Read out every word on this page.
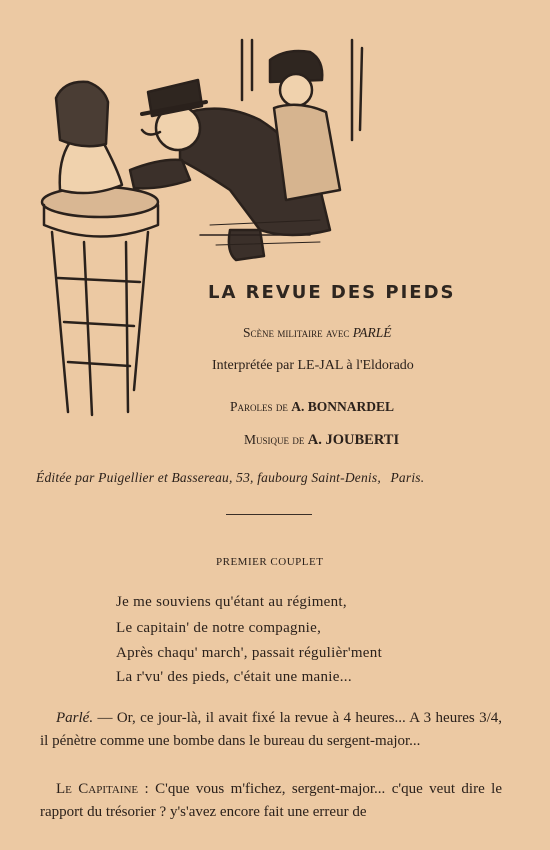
LA REVUE DES PIEDS
Scène militaire avec PARLÉ
Interprétée par LE-JAL à l'Eldorado
Paroles de A. BONNARDEL
Musique de A. JOUBERTI
Éditée par Puigellier et Bassereau, 53, faubourg Saint-Denis, Paris.
PREMIER COUPLET
Je me souviens qu'étant au régiment,
Le capitain' de notre compagnie,
Après chaqu' march', passait régulièr'ment
La r'vu' des pieds, c'était une manie...
Parlé. — Or, ce jour-là, il avait fixé la revue à 4 heures... A 3 heures 3/4, il pénètre comme une bombe dans le bureau du sergent-major...
Le Capitaine : C'que vous m'fichez, sergent-major... c'que veut dire le rapport du trésorier ? y's'avez encore fait une erreur de
